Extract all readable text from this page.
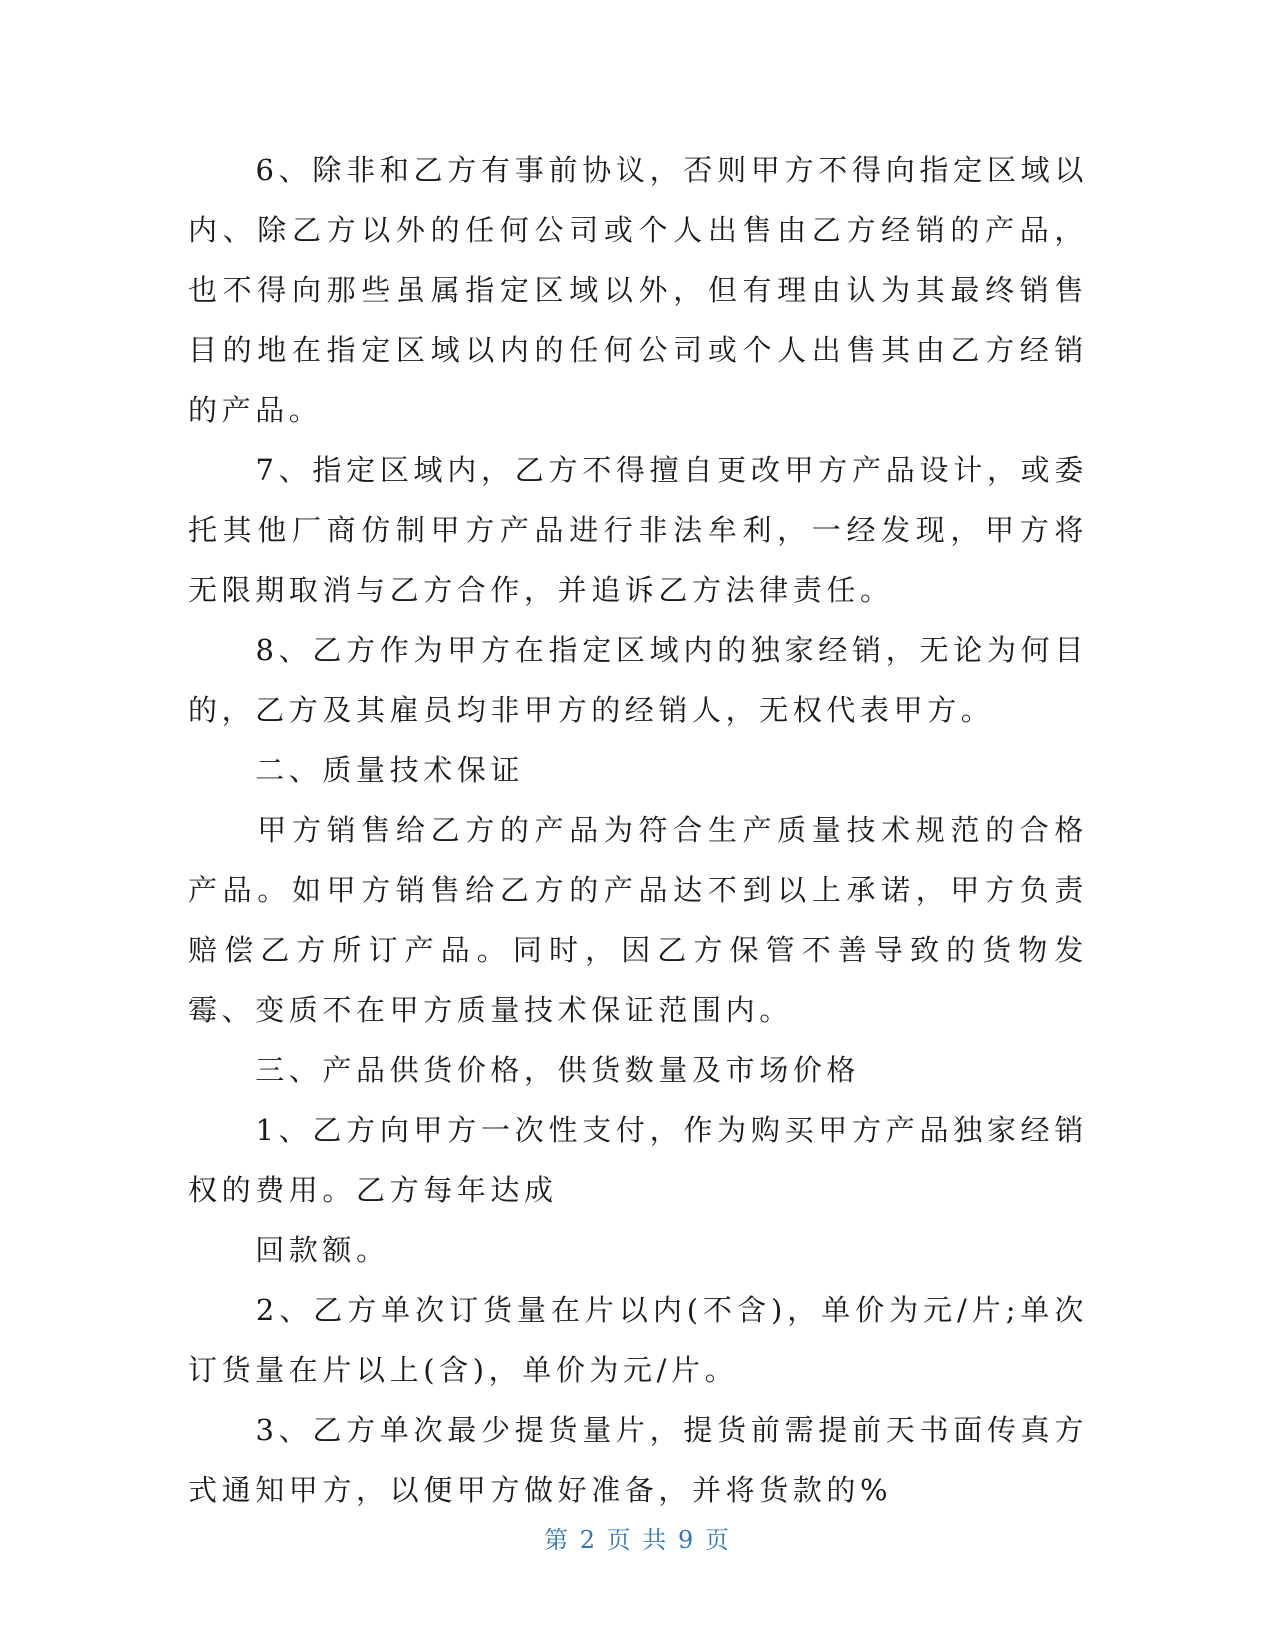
　　6、除非和乙方有事前协议，否则甲方不得向指定区域以内、除乙方以外的任何公司或个人出售由乙方经销的产品，也不得向那些虽属指定区域以外，但有理由认为其最终销售目的地在指定区域以内的任何公司或个人出售其由乙方经销的产品。

　　7、指定区域内，乙方不得擅自更改甲方产品设计，或委托其他厂商仿制甲方产品进行非法牟利，一经发现，甲方将无限期取消与乙方合作，并追诉乙方法律责任。

　　8、乙方作为甲方在指定区域内的独家经销，无论为何目的，乙方及其雇员均非甲方的经销人，无权代表甲方。

　　二、质量技术保证

　　甲方销售给乙方的产品为符合生产质量技术规范的合格产品。如甲方销售给乙方的产品达不到以上承诺，甲方负责赔偿乙方所订产品。同时，因乙方保管不善导致的货物发霉、变质不在甲方质量技术保证范围内。

　　三、产品供货价格，供货数量及市场价格

　　1、乙方向甲方一次性支付，作为购买甲方产品独家经销权的费用。乙方每年达成
　　回款额。

　　2、乙方单次订货量在片以内(不含)，单价为元/片;单次订货量在片以上(含)，单价为元/片。

　　3、乙方单次最少提货量片，提货前需提前天书面传真方式通知甲方，以便甲方做好准备，并将货款的%

第 2 页 共 9 页
